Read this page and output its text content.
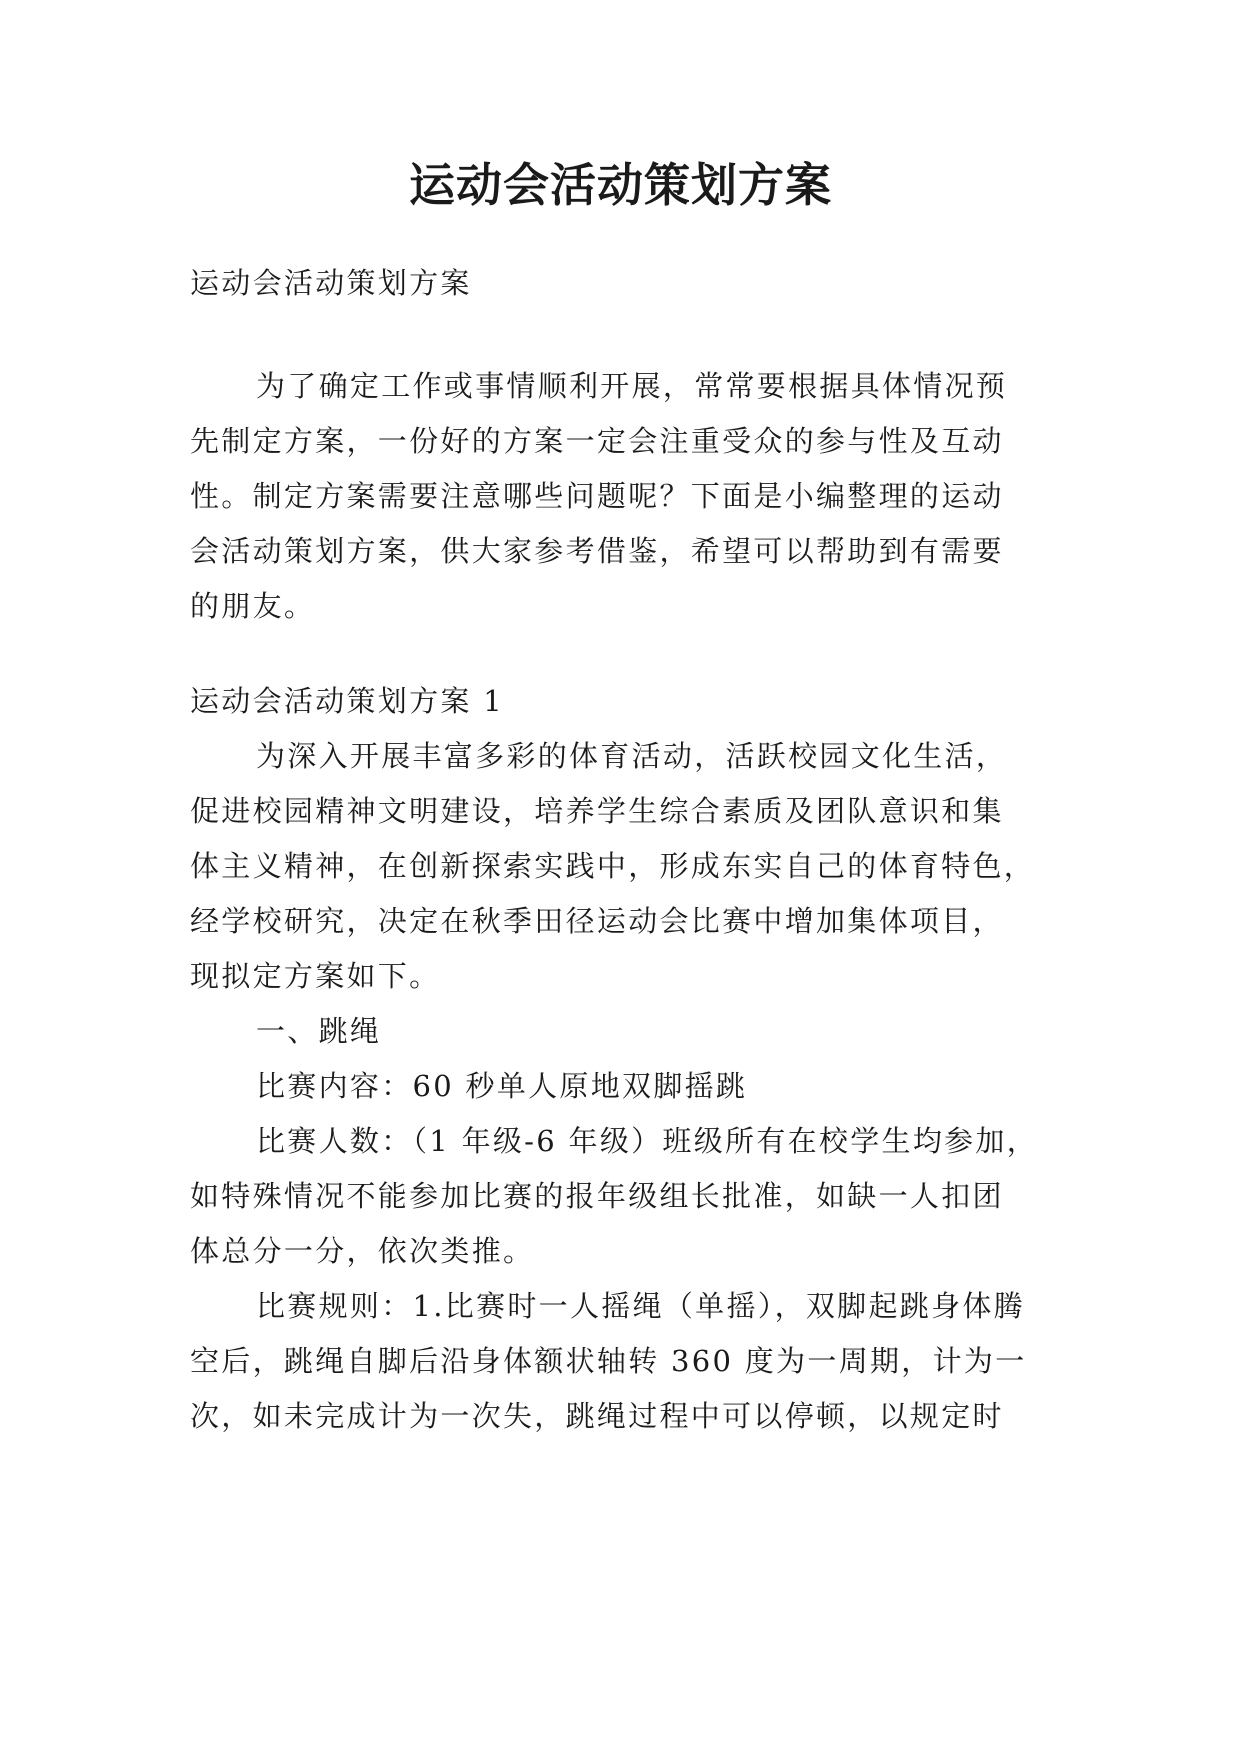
运动会活动策划方案
运动会活动策划方案
为了确定工作或事情顺利开展，常常要根据具体情况预
先制定方案，一份好的方案一定会注重受众的参与性及互动
性。制定方案需要注意哪些问题呢？下面是小编整理的运动
会活动策划方案，供大家参考借鉴，希望可以帮助到有需要
的朋友。
运动会活动策划方案 1
为深入开展丰富多彩的体育活动，活跃校园文化生活，
促进校园精神文明建设，培养学生综合素质及团队意识和集
体主义精神，在创新探索实践中，形成东实自己的体育特色，
经学校研究，决定在秋季田径运动会比赛中增加集体项目，
现拟定方案如下。
一、跳绳
比赛内容：60 秒单人原地双脚摇跳
比赛人数：（1 年级-6 年级）班级所有在校学生均参加，
如特殊情况不能参加比赛的报年级组长批准，如缺一人扣团
体总分一分，依次类推。
比赛规则：1.比赛时一人摇绳（单摇），双脚起跳身体腾
空后，跳绳自脚后沿身体额状轴转 360 度为一周期，计为一
次，如未完成计为一次失，跳绳过程中可以停顿，以规定时
